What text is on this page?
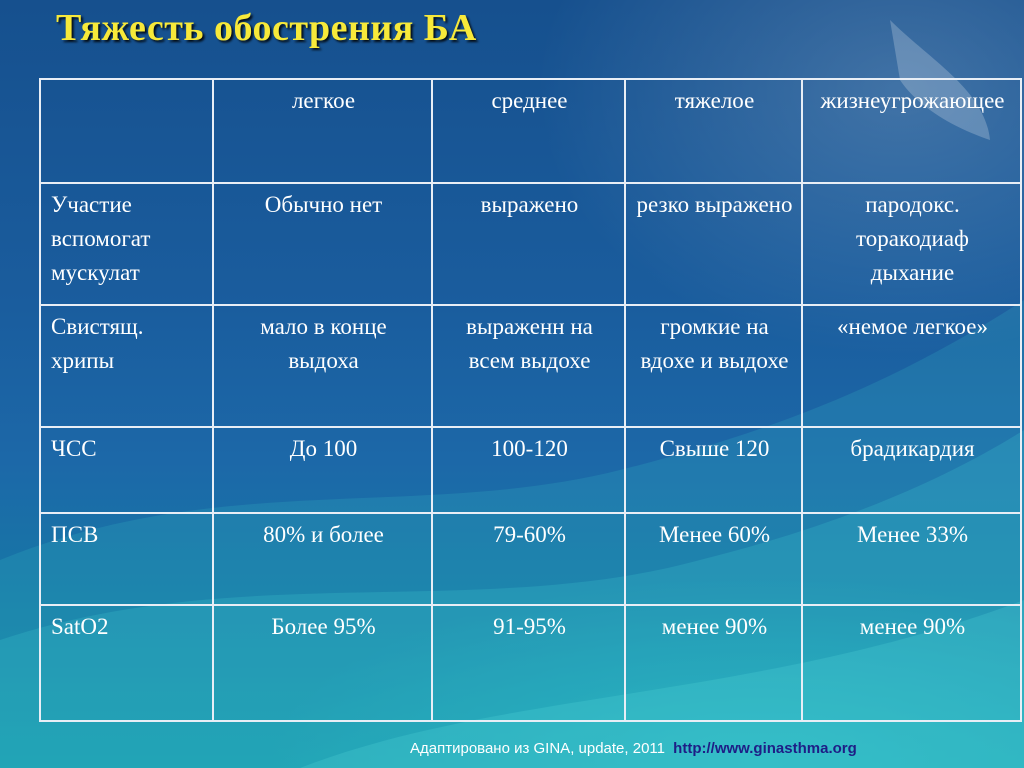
Тяжесть обострения БА
	легкое	среднее	тяжелое	жизнеугрожающее
Участие вспомогат мускулат	Обычно нет	выражено	резко выражено	пародокс. торакодиаф дыхание
Свистящ. хрипы	мало в конце выдоха	выраженн на всем выдохе	громкие на вдохе и выдохе	«немое легкое»
ЧСС	До 100	100-120	Свыше 120	брадикардия
ПСВ	80% и более	79-60%	Менее 60%	Менее 33%
SatO2	Более 95%	91-95%	менее 90%	менее 90%
Адаптировано из GINA, update, 2011 http://www.ginasthma.org
